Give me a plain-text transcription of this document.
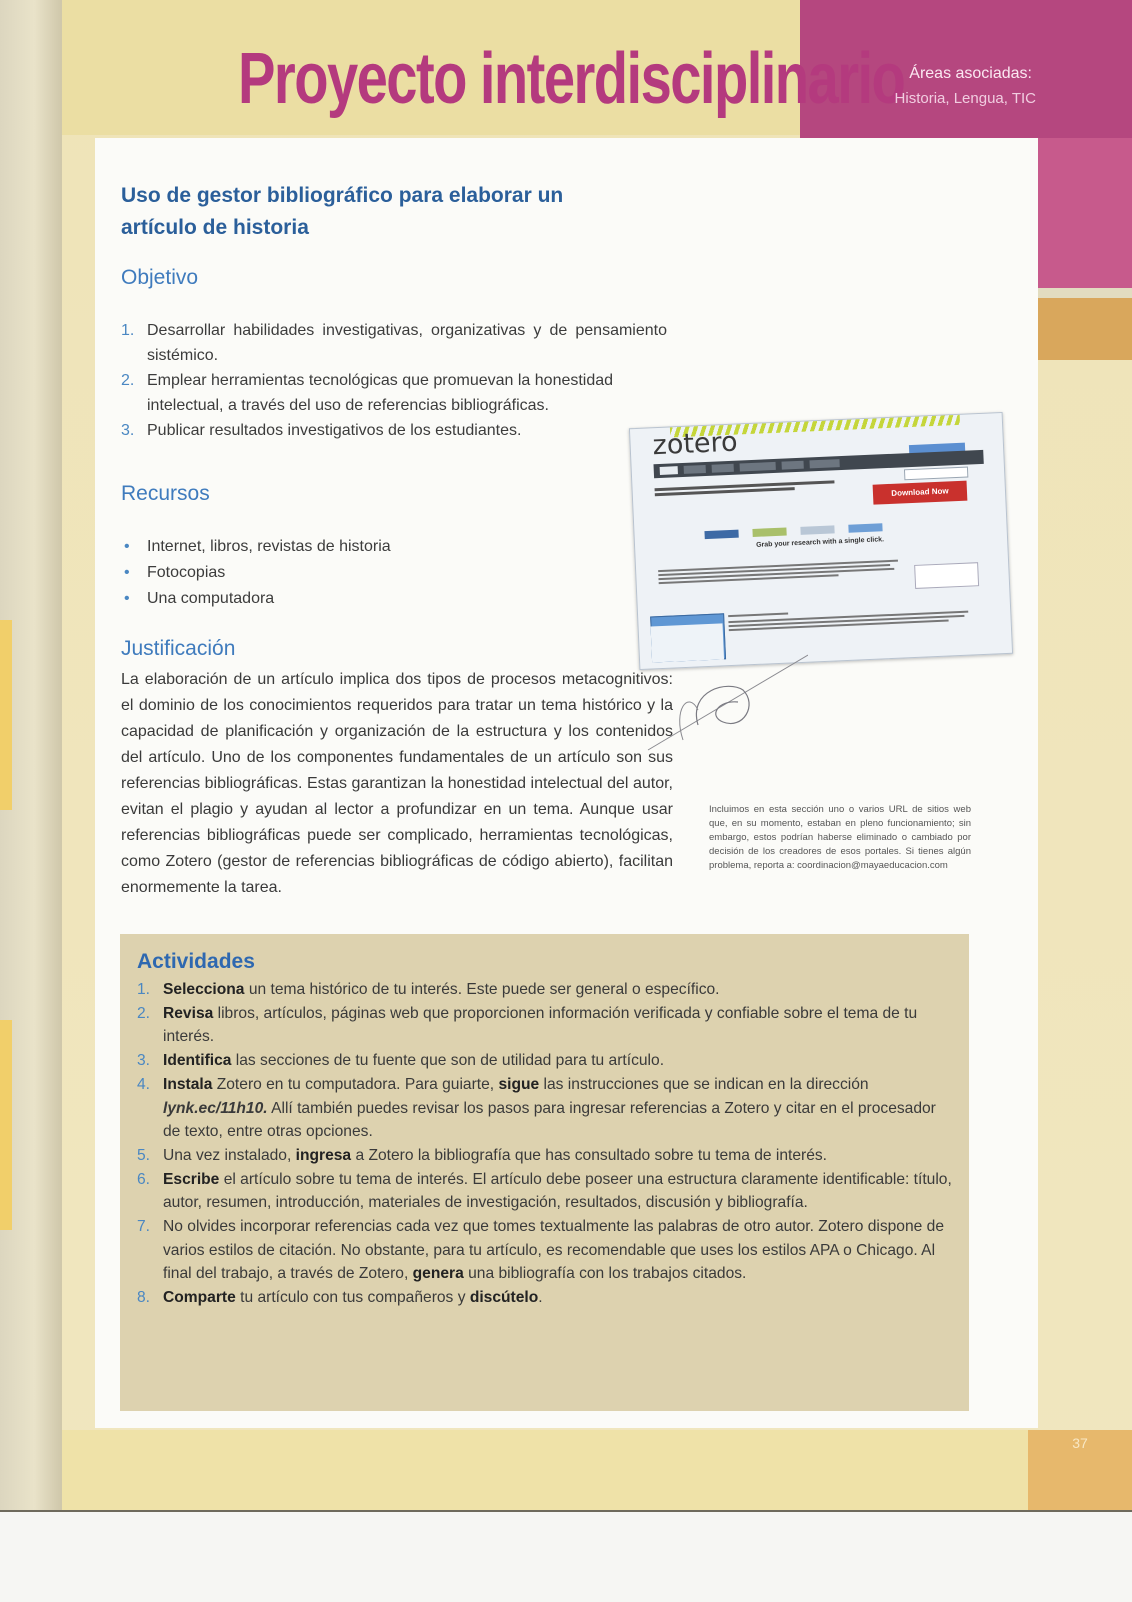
37
Proyecto interdisciplinario Áreas asociadas:
Historia, Lengua, TIC
Uso de gestor bibliográfico para elaborar un artículo de historia
Objetivo
1. Desarrollar habilidades investigativas, organizativas y de pensamiento sistémico.
2. Emplear herramientas tecnológicas que promuevan la honestidad intelectual, a través del uso de referencias bibliográficas.
3. Publicar resultados investigativos de los estudiantes.
Recursos
• Internet, libros, revistas de historia
• Fotocopias
• Una computadora
Justificación
La elaboración de un artículo implica dos tipos de procesos metacognitivos: el dominio de los conocimientos requeridos para tratar un tema histórico y la capacidad de planificación y organización de la estructura y los contenidos del artículo. Uno de los componentes fundamentales de un artículo son sus referencias bibliográficas. Estas garantizan la honestidad intelectual del autor, evitan el plagio y ayudan al lector a profundizar en un tema. Aunque usar referencias bibliográficas puede ser complicado, herramientas tecnológicas, como Zotero (gestor de referencias bibliográficas de código abierto), facilitan enormemente la tarea.
zotero
Download Now
Grab your research with a single click.
Incluimos en esta sección uno o varios URL de sitios web que, en su momento, estaban en pleno funcionamiento; sin embargo, estos podrían haberse eliminado o cambiado por decisión de los creadores de esos portales. Si tienes algún problema, reporta a: coordinacion@mayaeducacion.com
Actividades
1. Selecciona un tema histórico de tu interés. Este puede ser general o específico.
2. Revisa libros, artículos, páginas web que proporcionen información verificada y confiable sobre el tema de tu interés.
3. Identifica las secciones de tu fuente que son de utilidad para tu artículo.
4. Instala Zotero en tu computadora. Para guiarte, sigue las instrucciones que se indican en la dirección lynk.ec/11h10. Allí también puedes revisar los pasos para ingresar referencias a Zotero y citar en el procesador de texto, entre otras opciones.
5. Una vez instalado, ingresa a Zotero la bibliografía que has consultado sobre tu tema de interés.
6. Escribe el artículo sobre tu tema de interés. El artículo debe poseer una estructura claramente identificable: título, autor, resumen, introducción, materiales de investigación, resultados, discusión y bibliografía.
7. No olvides incorporar referencias cada vez que tomes textualmente las palabras de otro autor. Zotero dispone de varios estilos de citación. No obstante, para tu artículo, es recomendable que uses los estilos APA o Chicago. Al final del trabajo, a través de Zotero, genera una bibliografía con los trabajos citados.
8. Comparte tu artículo con tus compañeros y discútelo.
